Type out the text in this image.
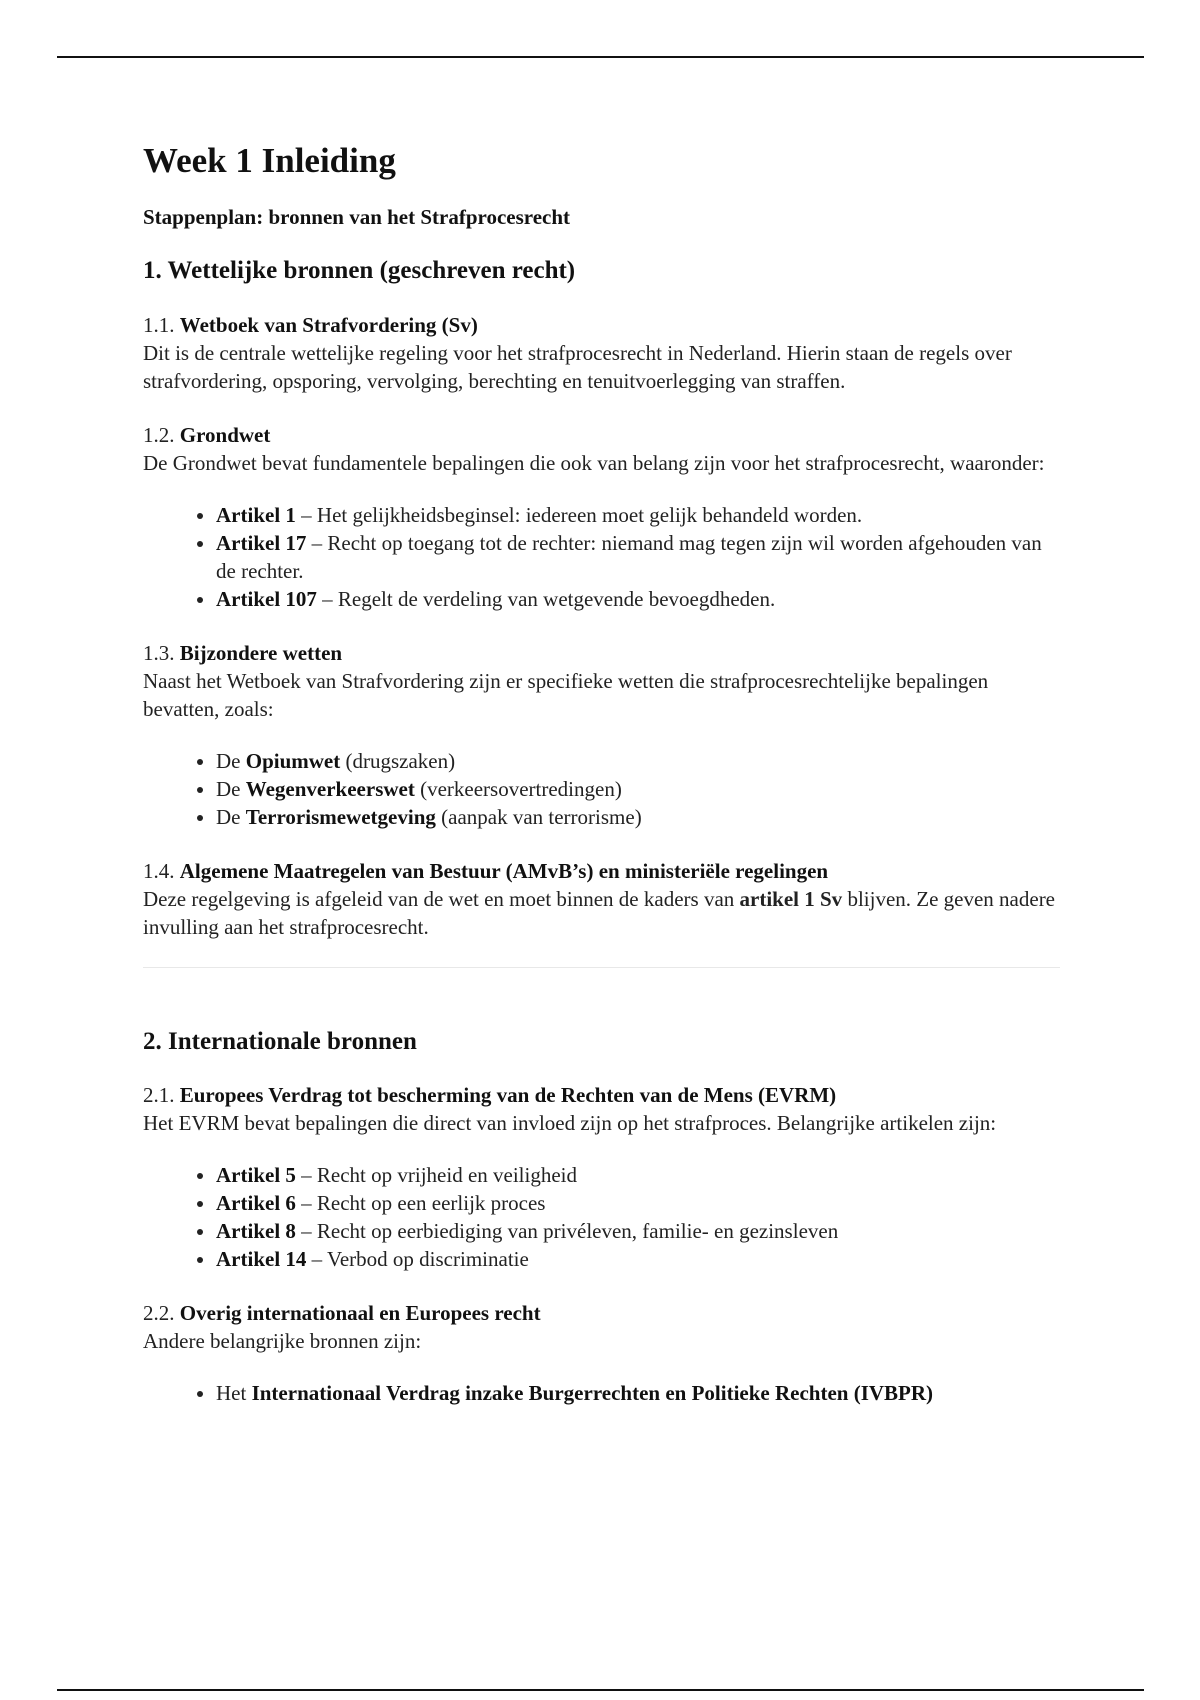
Week 1 Inleiding
Stappenplan: bronnen van het Strafprocesrecht
1. Wettelijke bronnen (geschreven recht)
1.1. Wetboek van Strafvordering (Sv)
Dit is de centrale wettelijke regeling voor het strafprocesrecht in Nederland. Hierin staan de regels over strafvordering, opsporing, vervolging, berechting en tenuitvoerlegging van straffen.
1.2. Grondwet
De Grondwet bevat fundamentele bepalingen die ook van belang zijn voor het strafprocesrecht, waaronder:
• Artikel 1 – Het gelijkheidsbeginsel: iedereen moet gelijk behandeld worden.
• Artikel 17 – Recht op toegang tot de rechter: niemand mag tegen zijn wil worden afgehouden van de rechter.
• Artikel 107 – Regelt de verdeling van wetgevende bevoegdheden.
1.3. Bijzondere wetten
Naast het Wetboek van Strafvordering zijn er specifieke wetten die strafprocesrechtelijke bepalingen bevatten, zoals:
• De Opiumwet (drugszaken)
• De Wegenverkeerswet (verkeersovertredingen)
• De Terrorismewetgeving (aanpak van terrorisme)
1.4. Algemene Maatregelen van Bestuur (AMvB’s) en ministeriële regelingen
Deze regelgeving is afgeleid van de wet en moet binnen de kaders van artikel 1 Sv blijven. Ze geven nadere invulling aan het strafprocesrecht.
2. Internationale bronnen
2.1. Europees Verdrag tot bescherming van de Rechten van de Mens (EVRM)
Het EVRM bevat bepalingen die direct van invloed zijn op het strafproces. Belangrijke artikelen zijn:
• Artikel 5 – Recht op vrijheid en veiligheid
• Artikel 6 – Recht op een eerlijk proces
• Artikel 8 – Recht op eerbiediging van privéleven, familie- en gezinsleven
• Artikel 14 – Verbod op discriminatie
2.2. Overig internationaal en Europees recht
Andere belangrijke bronnen zijn:
• Het Internationaal Verdrag inzake Burgerrechten en Politieke Rechten (IVBPR)
